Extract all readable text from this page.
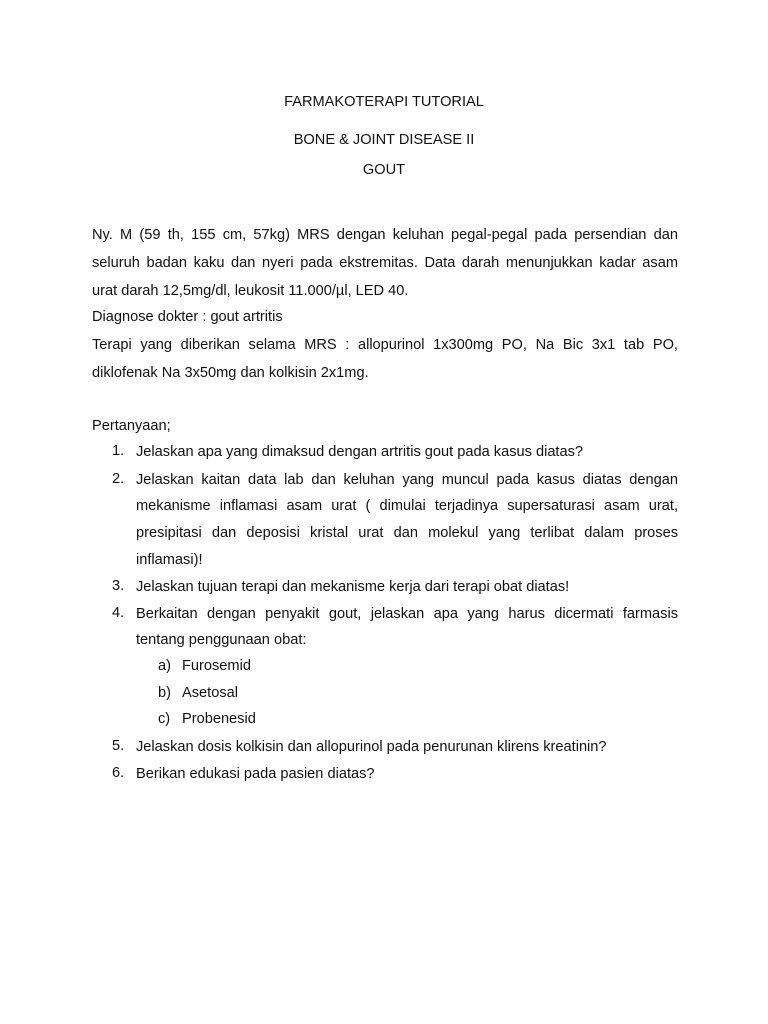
FARMAKOTERAPI TUTORIAL
BONE & JOINT DISEASE II
GOUT
Ny. M (59 th, 155 cm, 57kg) MRS dengan keluhan pegal-pegal pada persendian dan
seluruh badan kaku dan nyeri pada ekstremitas. Data darah menunjukkan kadar asam
urat darah 12,5mg/dl, leukosit 11.000/µl, LED 40.
Diagnose dokter : gout artritis
Terapi yang diberikan selama MRS : allopurinol 1x300mg PO, Na Bic 3x1 tab PO,
diklofenak Na 3x50mg dan kolkisin 2x1mg.
Pertanyaan;
1. Jelaskan apa yang dimaksud dengan artritis gout pada kasus diatas?
2. Jelaskan kaitan data lab dan keluhan yang muncul pada kasus diatas dengan
mekanisme inflamasi asam urat ( dimulai terjadinya supersaturasi asam urat,
presipitasi dan deposisi kristal urat dan molekul yang terlibat dalam proses
inflamasi)!
3. Jelaskan tujuan terapi dan mekanisme kerja dari terapi obat diatas!
4. Berkaitan dengan penyakit gout, jelaskan apa yang harus dicermati farmasis
tentang penggunaan obat:
a) Furosemid
b) Asetosal
c) Probenesid
5. Jelaskan dosis kolkisin dan allopurinol pada penurunan klirens kreatinin?
6. Berikan edukasi pada pasien diatas?
